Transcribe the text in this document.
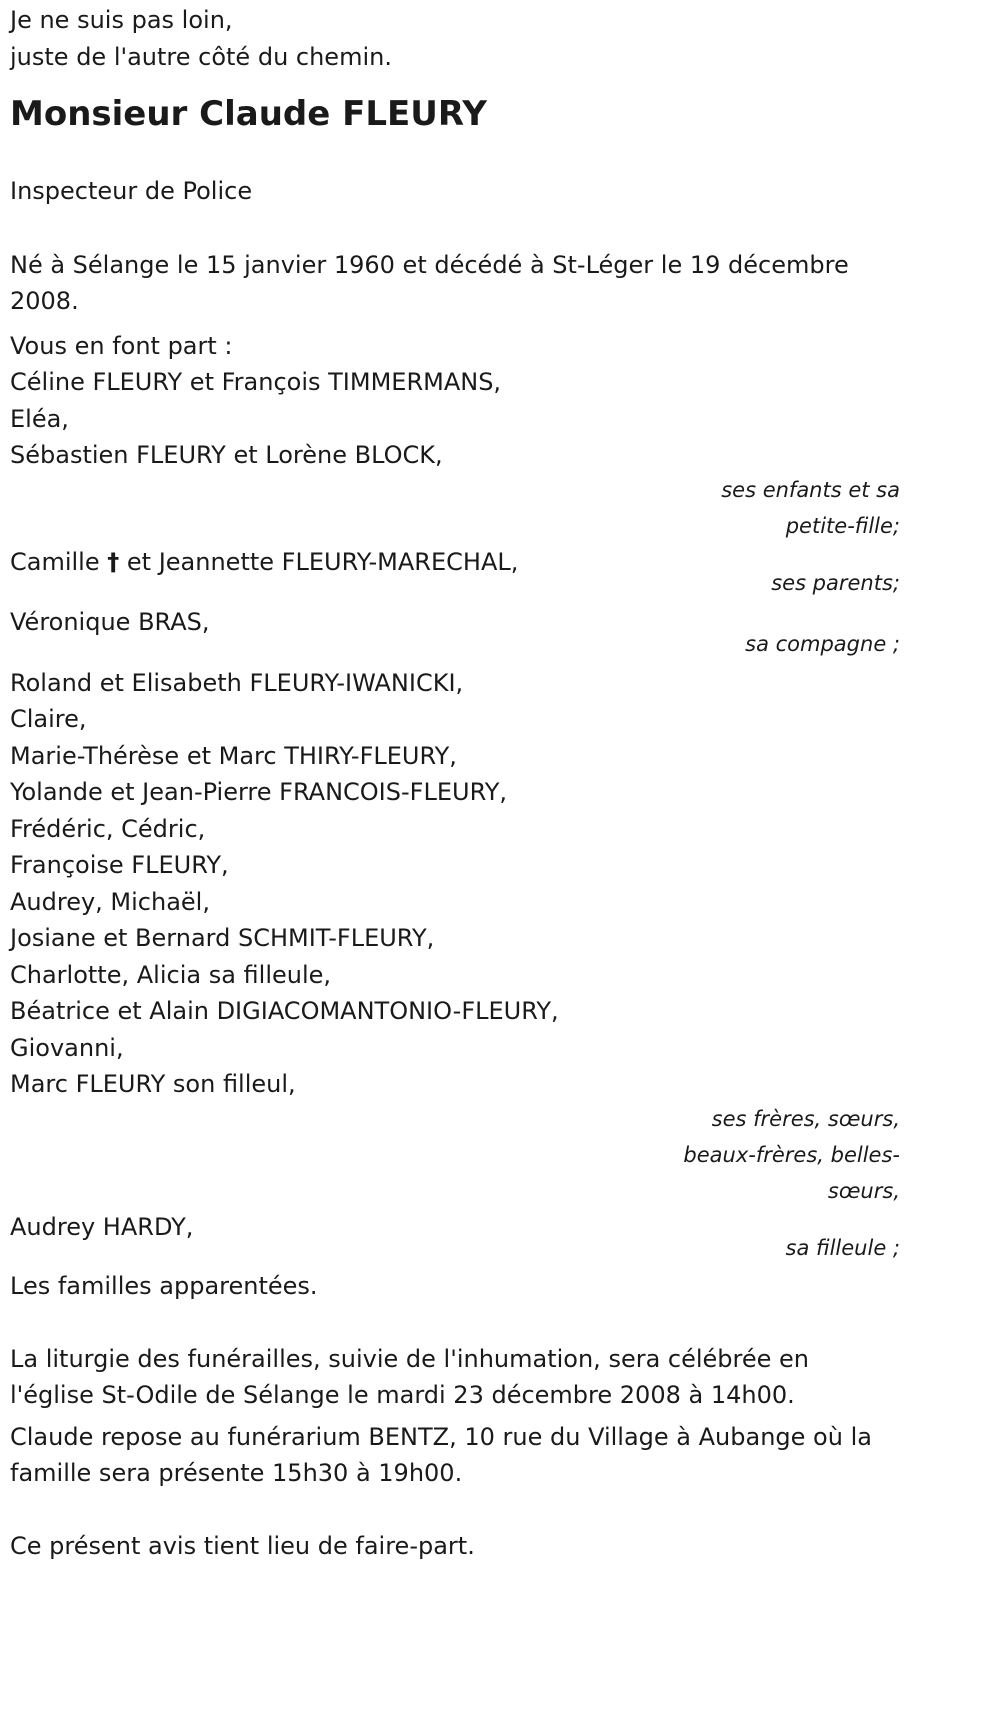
Je ne suis pas loin,

juste de l'autre côté du chemin.

Monsieur Claude FLEURY

Inspecteur de Police

Né à Sélange le 15 janvier 1960 et décédé à St-Léger le 19 décembre 2008.

Vous en font part :

Céline FLEURY et François TIMMERMANS,

Eléa,

Sébastien FLEURY et Lorène BLOCK,

ses enfants et sa

petite-fille;

Camille † et Jeannette FLEURY-MARECHAL,

ses parents;

Véronique BRAS,

sa compagne ;

Roland et Elisabeth FLEURY-IWANICKI,

Claire,

Marie-Thérèse et Marc THIRY-FLEURY,

Yolande et Jean-Pierre FRANCOIS-FLEURY,

Frédéric, Cédric,

Françoise FLEURY,

Audrey, Michaël,

Josiane et Bernard SCHMIT-FLEURY,

Charlotte, Alicia sa filleule,

Béatrice et Alain DIGIACOMANTONIO-FLEURY,

Giovanni,

Marc FLEURY son filleul,

ses frères, sœurs,

beaux-frères, belles-

sœurs,

Audrey HARDY,

sa filleule ;

Les familles apparentées.

La liturgie des funérailles, suivie de l'inhumation, sera célébrée en l'église St-Odile de Sélange le mardi 23 décembre 2008 à 14h00.

Claude repose au funérarium BENTZ, 10 rue du Village à Aubange où la famille sera présente 15h30 à 19h00.

Ce présent avis tient lieu de faire-part.
